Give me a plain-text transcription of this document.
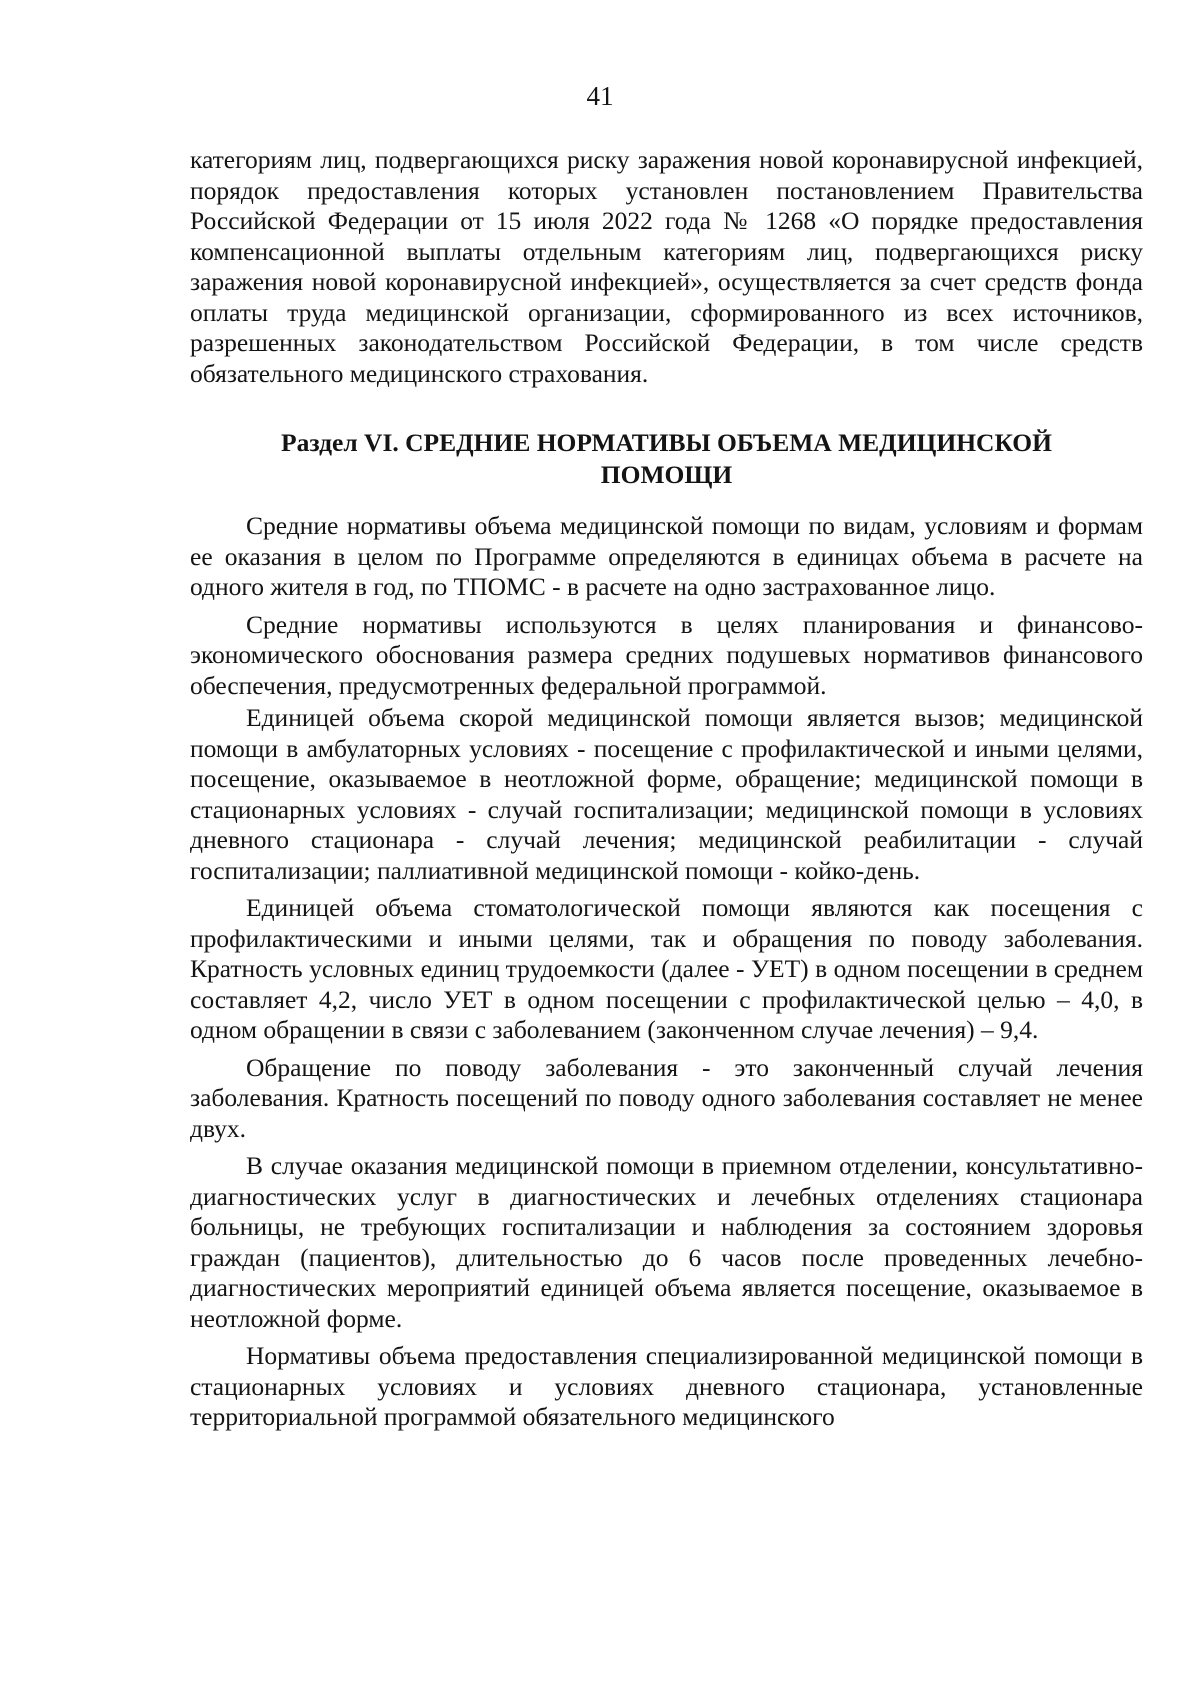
41

категориям лиц, подвергающихся риску заражения новой коронавирусной инфекцией, порядок предоставления которых установлен постановлением Правительства Российской Федерации от 15 июля 2022 года № 1268 «О порядке предоставления компенсационной выплаты отдельным категориям лиц, подвергающихся риску заражения новой коронавирусной инфекцией», осуществляется за счет средств фонда оплаты труда медицинской организации, сформированного из всех источников, разрешенных законодательством Российской Федерации, в том числе средств обязательного медицинского страхования.

Раздел VI. СРЕДНИЕ НОРМАТИВЫ ОБЪЕМА МЕДИЦИНСКОЙ
ПОМОЩИ

Средние нормативы объема медицинской помощи по видам, условиям и формам ее оказания в целом по Программе определяются в единицах объема в расчете на одного жителя в год, по ТПОМС - в расчете на одно застрахованное лицо.

Средние нормативы используются в целях планирования и финансово-экономического обоснования размера средних подушевых нормативов финансового обеспечения, предусмотренных федеральной программой.

Единицей объема скорой медицинской помощи является вызов; медицинской помощи в амбулаторных условиях - посещение с профилактической и иными целями, посещение, оказываемое в неотложной форме, обращение; медицинской помощи в стационарных условиях - случай госпитализации; медицинской помощи в условиях дневного стационара - случай лечения; медицинской реабилитации - случай госпитализации; паллиативной медицинской помощи - койко-день.

Единицей объема стоматологической помощи являются как посещения с профилактическими и иными целями, так и обращения по поводу заболевания. Кратность условных единиц трудоемкости (далее - УЕТ) в одном посещении в среднем составляет 4,2, число УЕТ в одном посещении с профилактической целью – 4,0, в одном обращении в связи с заболеванием (законченном случае лечения) – 9,4.

Обращение по поводу заболевания - это законченный случай лечения заболевания. Кратность посещений по поводу одного заболевания составляет не менее двух.

В случае оказания медицинской помощи в приемном отделении, консультативно-диагностических услуг в диагностических и лечебных отделениях стационара больницы, не требующих госпитализации и наблюдения за состоянием здоровья граждан (пациентов), длительностью до 6 часов после проведенных лечебно-диагностических мероприятий единицей объема является посещение, оказываемое в неотложной форме.

Нормативы объема предоставления специализированной медицинской помощи в стационарных условиях и условиях дневного стационара, установленные территориальной программой обязательного медицинского
